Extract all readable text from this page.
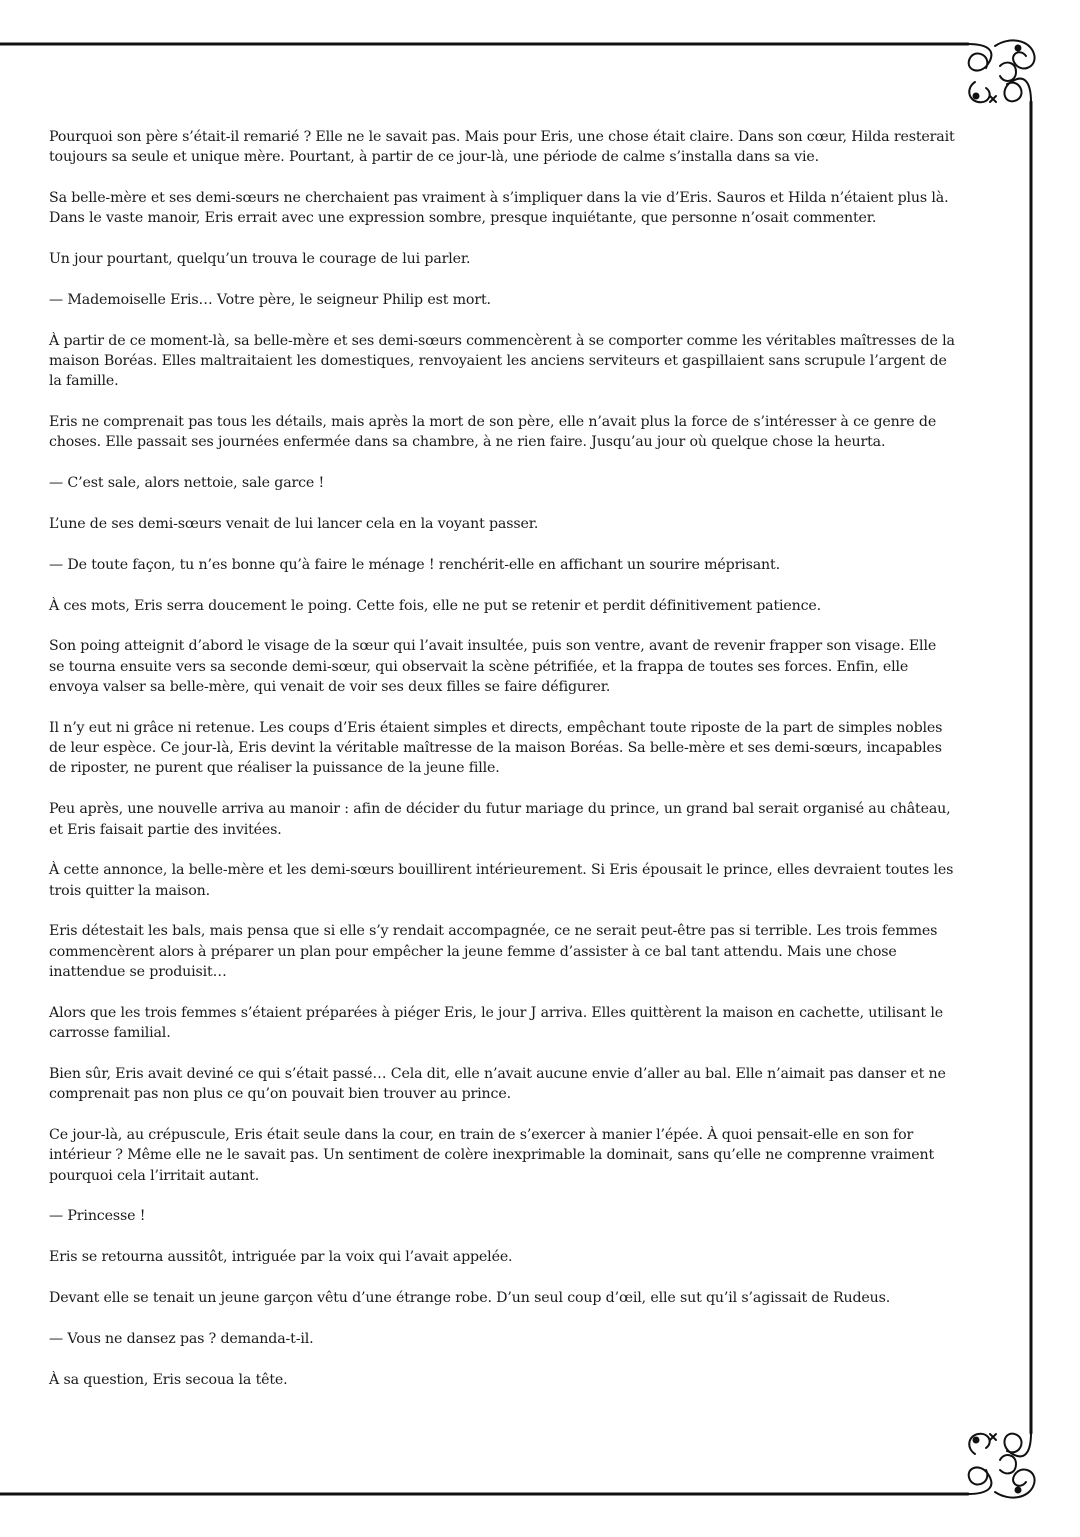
Pourquoi son père s’était-il remarié ? Elle ne le savait pas. Mais pour Eris, une chose était claire. Dans son cœur, Hilda resterait toujours sa seule et unique mère. Pourtant, à partir de ce jour-là, une période de calme s’installa dans sa vie.

Sa belle-mère et ses demi-sœurs ne cherchaient pas vraiment à s’impliquer dans la vie d’Eris. Sauros et Hilda n’étaient plus là. Dans le vaste manoir, Eris errait avec une expression sombre, presque inquiétante, que personne n’osait commenter.

Un jour pourtant, quelqu’un trouva le courage de lui parler.

— Mademoiselle Eris… Votre père, le seigneur Philip est mort.

À partir de ce moment-là, sa belle-mère et ses demi-sœurs commencèrent à se comporter comme les véritables maîtresses de la maison Boréas. Elles maltraitaient les domestiques, renvoyaient les anciens serviteurs et gaspillaient sans scrupule l’argent de la famille.

Eris ne comprenait pas tous les détails, mais après la mort de son père, elle n’avait plus la force de s’intéresser à ce genre de choses. Elle passait ses journées enfermée dans sa chambre, à ne rien faire. Jusqu’au jour où quelque chose la heurta.

— C’est sale, alors nettoie, sale garce !

L’une de ses demi-sœurs venait de lui lancer cela en la voyant passer.

— De toute façon, tu n’es bonne qu’à faire le ménage ! renchérit-elle en affichant un sourire méprisant.

À ces mots, Eris serra doucement le poing. Cette fois, elle ne put se retenir et perdit définitivement patience.

Son poing atteignit d’abord le visage de la sœur qui l’avait insultée, puis son ventre, avant de revenir frapper son visage. Elle se tourna ensuite vers sa seconde demi-sœur, qui observait la scène pétrifiée, et la frappa de toutes ses forces. Enfin, elle envoya valser sa belle-mère, qui venait de voir ses deux filles se faire défigurer.

Il n’y eut ni grâce ni retenue. Les coups d’Eris étaient simples et directs, empêchant toute riposte de la part de simples nobles de leur espèce. Ce jour-là, Eris devint la véritable maîtresse de la maison Boréas. Sa belle-mère et ses demi-sœurs, incapables de riposter, ne purent que réaliser la puissance de la jeune fille.

Peu après, une nouvelle arriva au manoir : afin de décider du futur mariage du prince, un grand bal serait organisé au château, et Eris faisait partie des invitées.

À cette annonce, la belle-mère et les demi-sœurs bouillirent intérieurement. Si Eris épousait le prince, elles devraient toutes les trois quitter la maison.

Eris détestait les bals, mais pensa que si elle s’y rendait accompagnée, ce ne serait peut-être pas si terrible. Les trois femmes commencèrent alors à préparer un plan pour empêcher la jeune femme d’assister à ce bal tant attendu. Mais une chose inattendue se produisit…

Alors que les trois femmes s’étaient préparées à piéger Eris, le jour J arriva. Elles quittèrent la maison en cachette, utilisant le carrosse familial.

Bien sûr, Eris avait deviné ce qui s’était passé… Cela dit, elle n’avait aucune envie d’aller au bal. Elle n’aimait pas danser et ne comprenait pas non plus ce qu’on pouvait bien trouver au prince.

Ce jour-là, au crépuscule, Eris était seule dans la cour, en train de s’exercer à manier l’épée. À quoi pensait-elle en son for intérieur ? Même elle ne le savait pas. Un sentiment de colère inexprimable la dominait, sans qu’elle ne comprenne vraiment pourquoi cela l’irritait autant.

— Princesse !

Eris se retourna aussitôt, intriguée par la voix qui l’avait appelée.

Devant elle se tenait un jeune garçon vêtu d’une étrange robe. D’un seul coup d’œil, elle sut qu’il s’agissait de Rudeus.

— Vous ne dansez pas ? demanda-t-il.

À sa question, Eris secoua la tête.
